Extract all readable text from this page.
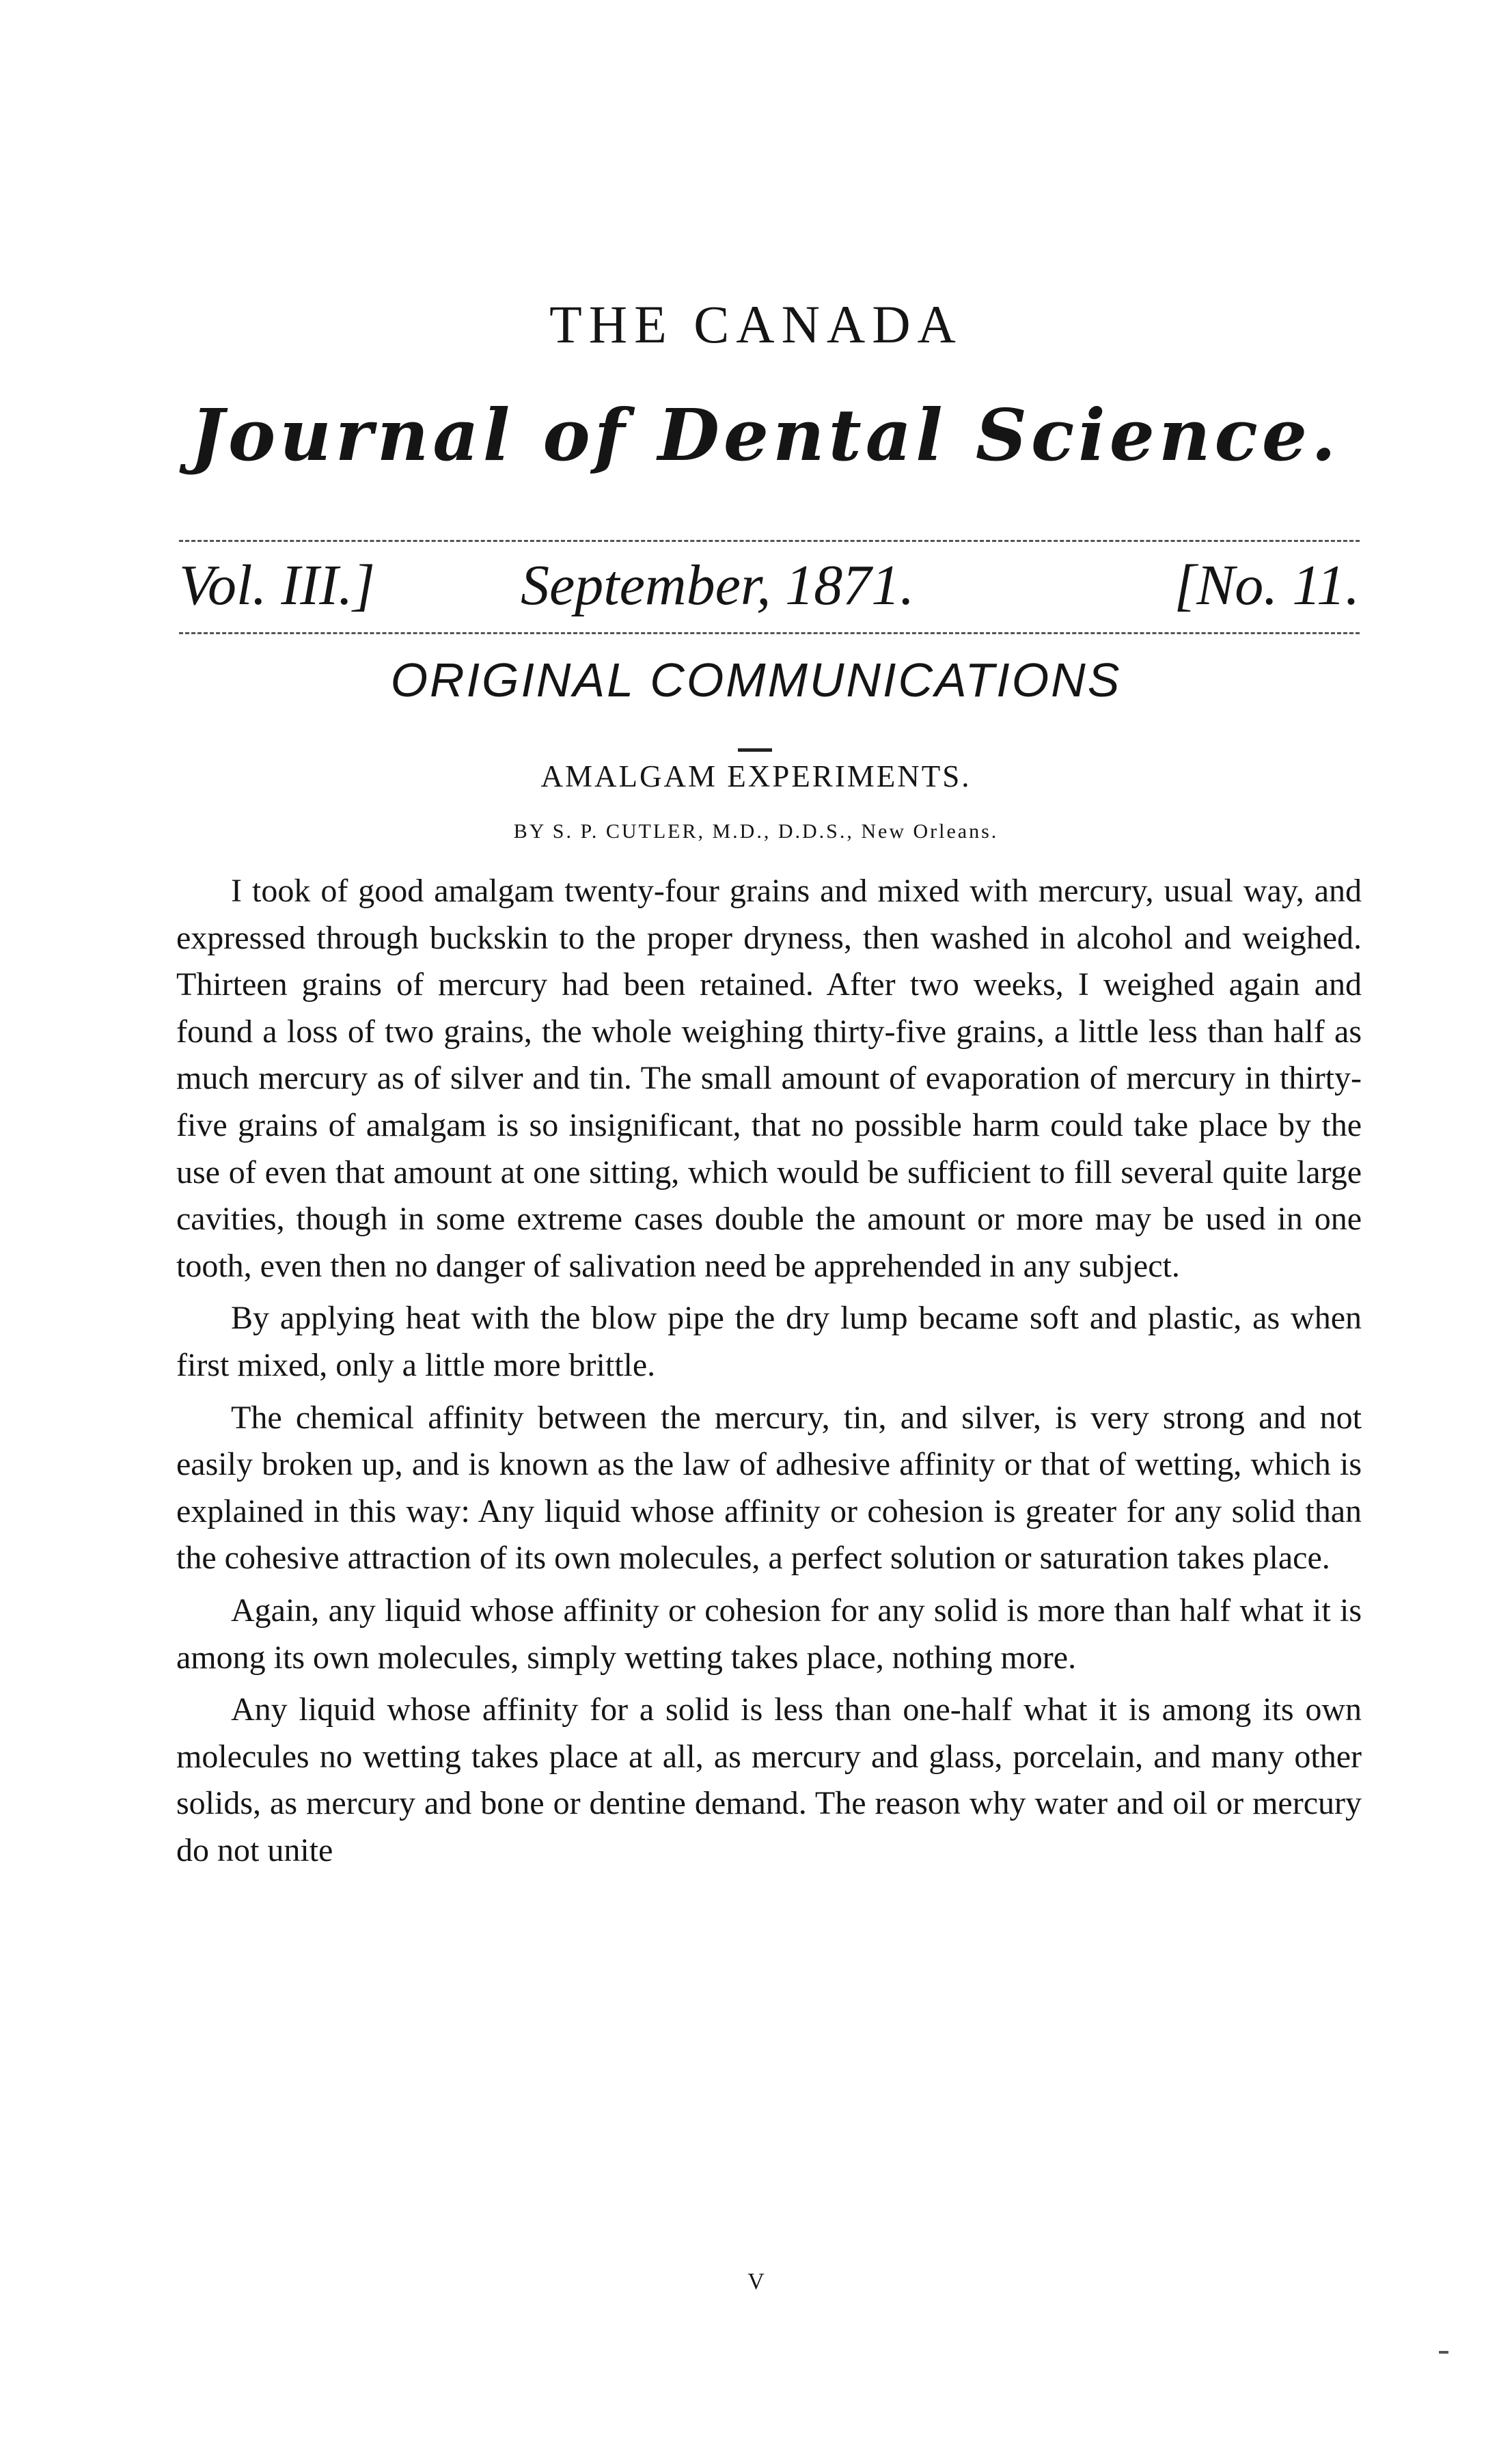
THE CANADA
Journal of Dental Science.
Vol. III.]	September, 1871.	[No. 11.
ORIGINAL COMMUNICATIONS
AMALGAM EXPERIMENTS.
BY S. P. CUTLER, M.D., D.D.S., New Orleans.

I took of good amalgam twenty-four grains and mixed with mercury, usual way, and expressed through buckskin to the proper dryness, then washed in alcohol and weighed. Thirteen grains of mercury had been retained. After two weeks, I weighed again and found a loss of two grains, the whole weighing thirty-five grains, a little less than half as much mercury as of silver and tin. The small amount of evaporation of mercury in thirty-five grains of amalgam is so insignificant, that no possible harm could take place by the use of even that amount at one sitting, which would be sufficient to fill several quite large cavities, though in some extreme cases double the amount or more may be used in one tooth, even then no danger of salivation need be apprehended in any subject.

By applying heat with the blow pipe the dry lump became soft and plastic, as when first mixed, only a little more brittle.

The chemical affinity between the mercury, tin, and silver, is very strong and not easily broken up, and is known as the law of adhesive affinity or that of wetting, which is explained in this way: Any liquid whose affinity or cohesion is greater for any solid than the cohesive attraction of its own molecules, a perfect solution or saturation takes place.

Again, any liquid whose affinity or cohesion for any solid is more than half what it is among its own molecules, simply wetting takes place, nothing more.

Any liquid whose affinity for a solid is less than one-half what it is among its own molecules no wetting takes place at all, as mercury and glass, porcelain, and many other solids, as mercury and bone or dentine demand. The reason why water and oil or mercury do not unite

V
